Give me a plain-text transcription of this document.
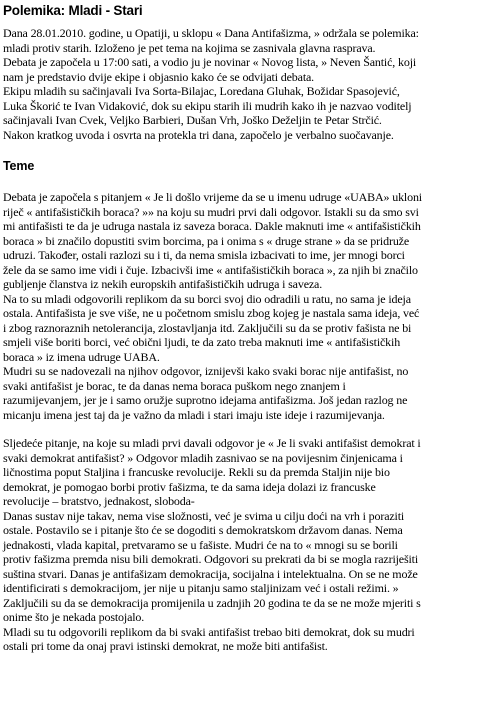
Polemika: Mladi - Stari
Dana 28.01.2010. godine, u Opatiji, u sklopu « Dana Antifašizma, » održala se polemika:
mladi protiv starih. Izloženo je pet tema na kojima se zasnivala glavna rasprava.
Debata je započela u 17:00 sati, a vodio ju je novinar « Novog lista, » Neven Šantić, koji
nam je predstavio dvije ekipe i objasnio kako će se odvijati debata.
Ekipu mladih su sačinjavali Iva Sorta-Bilajac, Loredana Gluhak, Božidar Spasojević,
Luka Škorić te Ivan Vidaković, dok su ekipu starih ili mudrih kako ih je nazvao voditelj
sačinjavali Ivan Cvek, Veljko Barbieri, Dušan Vrh, Joško Deželjin te Petar Strčić.
Nakon kratkog uvoda i osvrta na protekla tri dana, započelo je verbalno suočavanje.
Teme
Debata je započela s pitanjem « Je li došlo vrijeme da se u imenu udruge «UABA» ukloni
riječ « antifašističkih boraca? »» na koju su mudri prvi dali odgovor. Istakli su da smo svi
mi antifašisti te da je udruga nastala iz saveza boraca. Dakle maknuti ime « antifašističkih
boraca » bi značilo dopustiti svim borcima, pa i onima s « druge strane » da se pridruže
udruzi. Također, ostali razlozi su i ti, da nema smisla izbacivati to ime, jer mnogi borci
žele da se samo ime vidi i čuje. Izbacivši ime « antifašističkih boraca », za njih bi značilo
gubljenje članstva iz nekih europskih antifašističkih udruga i saveza.
Na to su mladi odgovorili replikom da su borci svoj dio odradili u ratu, no sama je ideja
ostala. Antifašista je sve više, ne u početnom smislu zbog kojeg je nastala sama ideja, već
i zbog raznoraznih netolerancija, zlostavljanja itd. Zaključili su da se protiv fašista ne bi
smjeli više boriti borci, već obični ljudi, te da zato treba maknuti ime « antifašističkih
boraca » iz imena udruge UABA.
Mudri su se nadovezali na njihov odgovor, iznijevši kako svaki borac nije antifašist, no
svaki antifašist je borac, te da danas nema boraca puškom nego znanjem i
razumijevanjem, jer je i samo oružje suprotno idejama antifašizma. Još jedan razlog ne
micanju imena jest taj da je važno da mladi i stari imaju iste ideje i razumijevanja.
Sljedeće pitanje, na koje su mladi prvi davali odgovor je « Je li svaki antifašist demokrat i
svaki demokrat antifašist? » Odgovor mladih zasnivao se na povijesnim činjenicama i
ličnostima poput Staljina i francuske revolucije. Rekli su da premda Staljin nije bio
demokrat, je pomogao borbi protiv fašizma, te da sama ideja dolazi iz francuske
revolucije – bratstvo, jednakost, sloboda-
Danas sustav nije takav, nema vise složnosti, već je svima u cilju doći na vrh i poraziti
ostale. Postavilo se i pitanje što će se dogoditi s demokratskom državom danas. Nema
jednakosti, vlada kapital, pretvaramo se u fašiste. Mudri će na to « mnogi su se borili
protiv fašizma premda nisu bili demokrati. Odgovori su prekrati da bi se mogla razriješiti
suština stvari. Danas je antifašizam demokracija, socijalna i intelektualna. On se ne može
identificirati s demokracijom, jer nije u pitanju samo staljinizam već i ostali režimi. »
Zaključili su da se demokracija promijenila u zadnjih 20 godina te da se ne može mjeriti s
onime što je nekada postojalo.
Mladi su tu odgovorili replikom da bi svaki antifašist trebao biti demokrat, dok su mudri
ostali pri tome da onaj pravi istinski demokrat, ne može biti antifašist.
